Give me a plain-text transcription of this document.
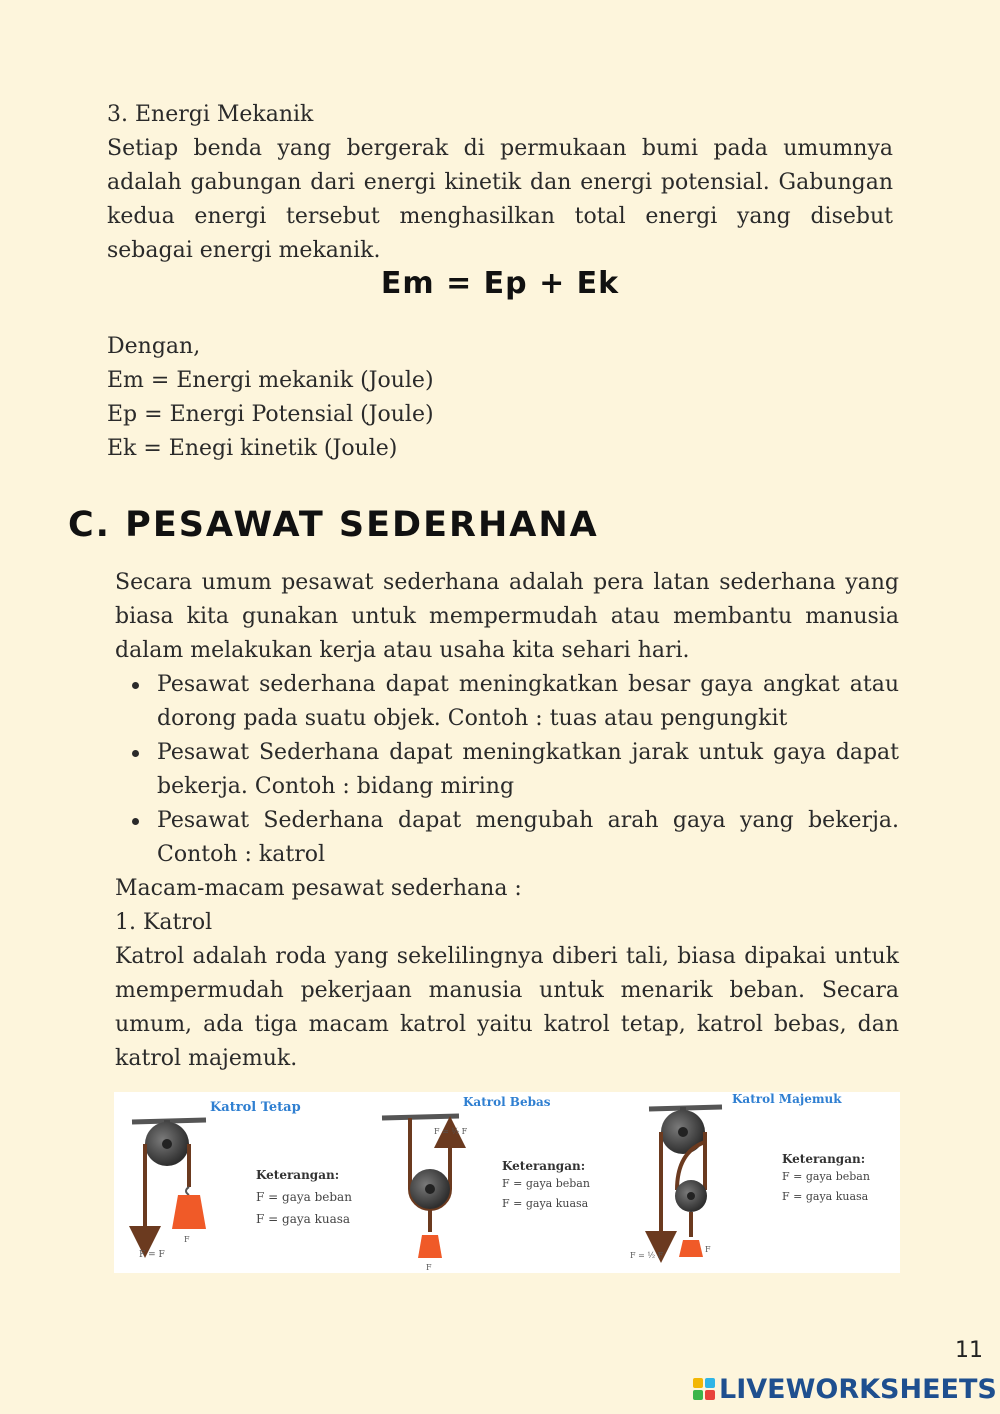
3. Energi Mekanik
Setiap benda yang bergerak di permukaan bumi pada umumnya adalah gabungan dari energi kinetik dan energi potensial. Gabungan kedua energi tersebut menghasilkan total energi yang disebut sebagai energi mekanik.
Em = Ep + Ek
Dengan,
Em = Energi mekanik (Joule)
Ep = Energi Potensial (Joule)
Ek = Enegi kinetik (Joule)
C. PESAWAT SEDERHANA
Secara umum pesawat sederhana adalah pera latan sederhana yang biasa kita gunakan untuk mempermudah atau membantu manusia dalam melakukan kerja atau usaha kita sehari hari.
Pesawat sederhana dapat meningkatkan besar gaya angkat atau dorong pada suatu objek. Contoh : tuas atau pengungkit
Pesawat Sederhana dapat meningkatkan jarak untuk gaya dapat bekerja. Contoh : bidang miring
Pesawat Sederhana dapat mengubah arah gaya yang bekerja. Contoh : katrol
Macam-macam pesawat sederhana :
1. Katrol
Katrol adalah roda yang sekelilingnya diberi tali, biasa dipakai untuk mempermudah pekerjaan manusia untuk menarik beban. Secara umum, ada tiga macam katrol yaitu katrol tetap, katrol bebas, dan katrol majemuk.
Katrol Tetap
F
F = F
Keterangan:
F = gaya beban
F = gaya kuasa
Katrol Bebas
F
F = ½ F
Keterangan:
F = gaya beban
F = gaya kuasa
Katrol Majemuk
F
F = ½ F
Keterangan:
F = gaya beban
F = gaya kuasa
11
LIVEWORKSHEETS
